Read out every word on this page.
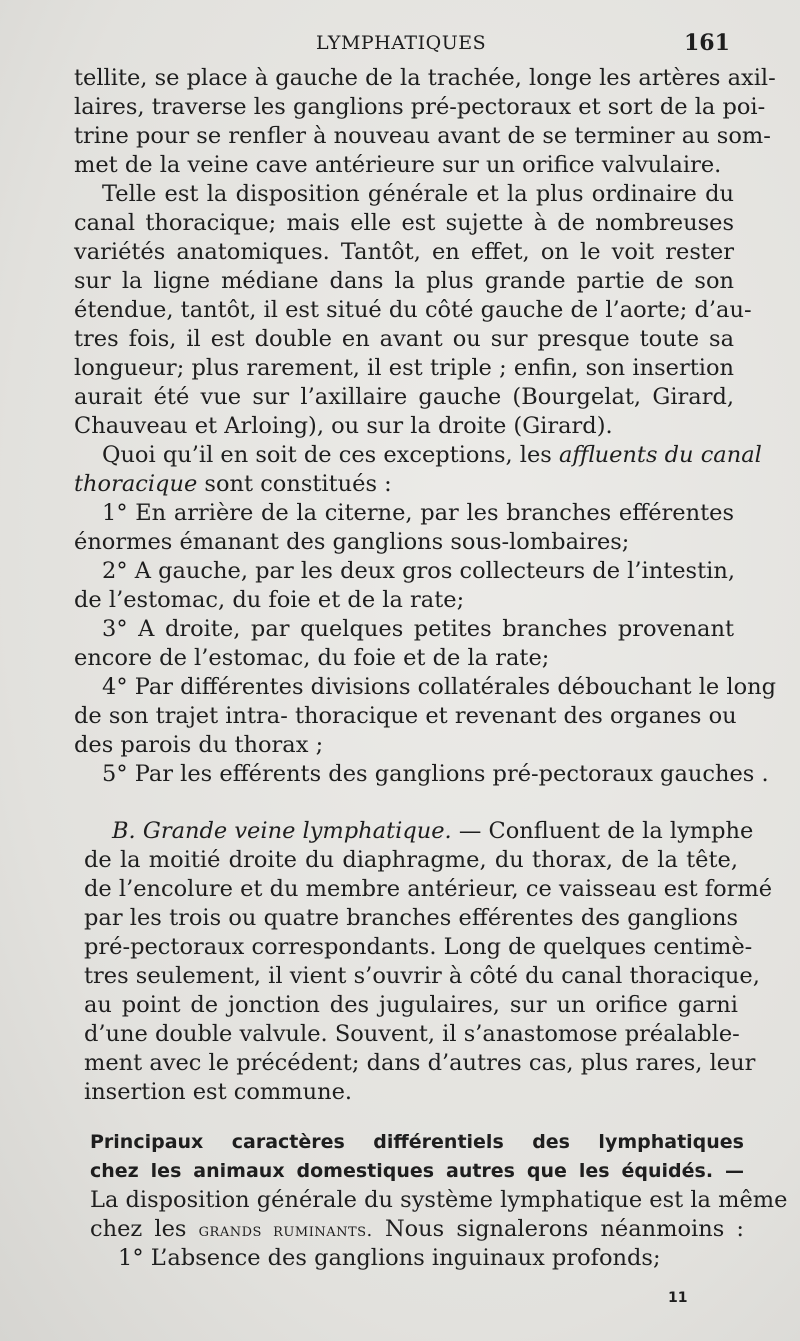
LYMPHATIQUES	161
tellite, se place à gauche de la trachée, longe les artères axil-
laires, traverse les ganglions pré-pectoraux et sort de la poi-
trine pour se renfler à nouveau avant de se terminer au som-
met de la veine cave antérieure sur un orifice valvulaire.
Telle est la disposition générale et la plus ordinaire du
canal thoracique; mais elle est sujette à de nombreuses
variétés anatomiques. Tantôt, en effet, on le voit rester
sur la ligne médiane dans la plus grande partie de son
étendue, tantôt, il est situé du côté gauche de l’aorte; d’au-
tres fois, il est double en avant ou sur presque toute sa
longueur; plus rarement, il est triple ; enfin, son insertion
aurait été vue sur l’axillaire gauche (Bourgelat, Girard,
Chauveau et Arloing), ou sur la droite (Girard).
Quoi qu’il en soit de ces exceptions, les affluents du canal
thoracique sont constitués :
1° En arrière de la citerne, par les branches efférentes
énormes émanant des ganglions sous-lombaires;
2° A gauche, par les deux gros collecteurs de l’intestin,
de l’estomac, du foie et de la rate;
3° A droite, par quelques petites branches provenant
encore de l’estomac, du foie et de la rate;
4° Par différentes divisions collatérales débouchant le long
de son trajet intra- thoracique et revenant des organes ou
des parois du thorax ;
5° Par les efférents des ganglions pré-pectoraux gauches .
B. Grande veine lymphatique. — Confluent de la lymphe
de la moitié droite du diaphragme, du thorax, de la tête,
de l’encolure et du membre antérieur, ce vaisseau est formé
par les trois ou quatre branches efférentes des ganglions
pré-pectoraux correspondants. Long de quelques centimè-
tres seulement, il vient s’ouvrir à côté du canal thoracique,
au point de jonction des jugulaires, sur un orifice garni
d’une double valvule. Souvent, il s’anastomose préalable-
ment avec le précédent; dans d’autres cas, plus rares, leur
insertion est commune.
Principaux caractères différentiels des lymphatiques
chez les animaux domestiques autres que les équidés. —
La disposition générale du système lymphatique est la même
chez les grands ruminants. Nous signalerons néanmoins :
1° L’absence des ganglions inguinaux profonds;
11
